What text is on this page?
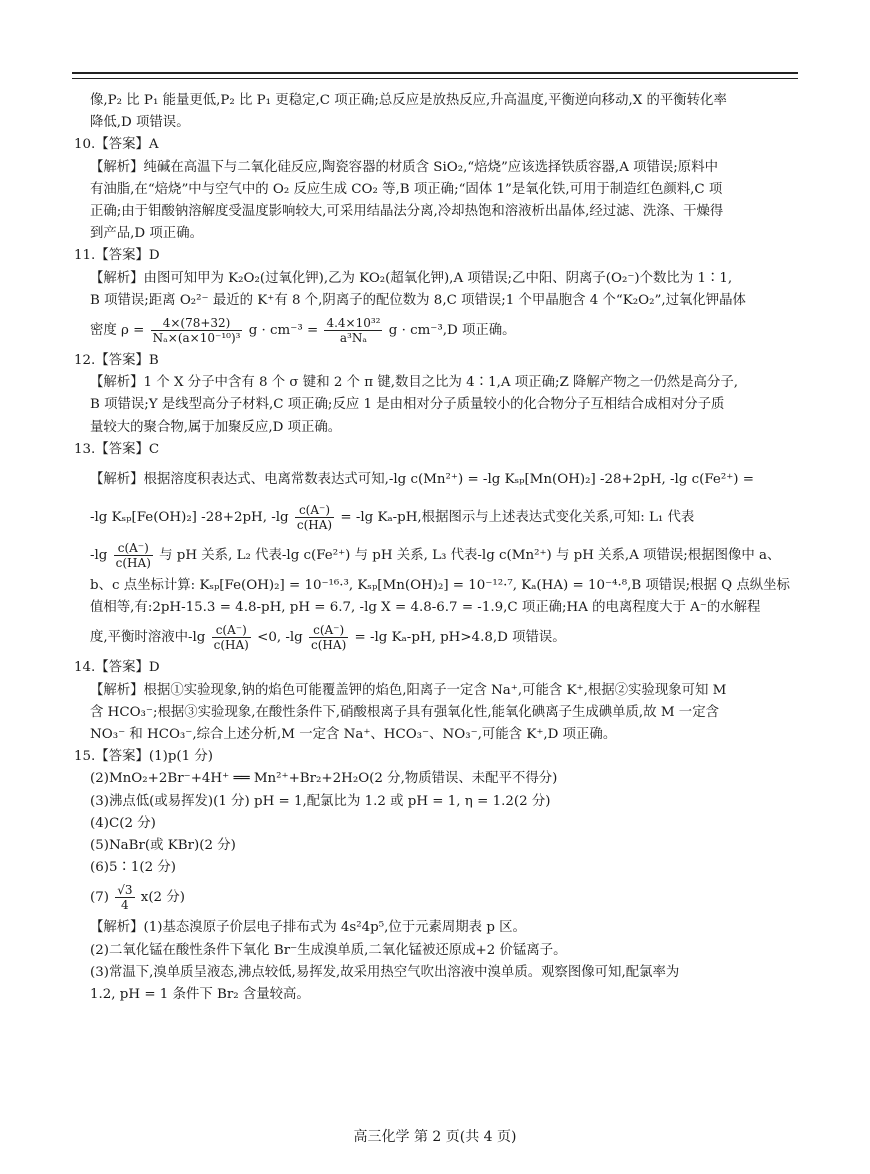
像,P₂ 比 P₁ 能量更低,P₂ 比 P₁ 更稳定,C 项正确;总反应是放热反应,升高温度,平衡逆向移动,X 的平衡转化率
降低,D 项错误。
10.【答案】A
【解析】纯碱在高温下与二氧化硅反应,陶瓷容器的材质含 SiO₂,“焙烧”应该选择铁质容器,A 项错误;原料中
有油脂,在“焙烧”中与空气中的 O₂ 反应生成 CO₂ 等,B 项正确;“固体 1”是氧化铁,可用于制造红色颜料,C 项
正确;由于钼酸钠溶解度受温度影响较大,可采用结晶法分离,冷却热饱和溶液析出晶体,经过滤、洗涤、干燥得
到产品,D 项正确。
11.【答案】D
【解析】由图可知甲为 K₂O₂(过氧化钾),乙为 KO₂(超氧化钾),A 项错误;乙中阳、阴离子(O₂⁻)个数比为 1∶1,
B 项错误;距离 O₂²⁻ 最近的 K⁺有 8 个,阴离子的配位数为 8,C 项错误;1 个甲晶胞含 4 个“K₂O₂”,过氧化钾晶体
密度 $\rho = \frac{4\times(78+32)}{\text{Nₐ×(a×10⁻¹⁰)³}}$ $g \cdot cm^{-3} = \frac{\text{4.4×10³²}}{\text{a³Nₐ}}$ g · cm⁻³,D 项正确。
12.【答案】B
【解析】1 个 X 分子中含有 8 个 σ 键和 2 个 π 键,数目之比为 4∶1,A 项正确;Z 降解产物之一仍然是高分子,
B 项错误;Y 是线型高分子材料,C 项正确;反应 1 是由相对分子质量较小的化合物分子互相结合成相对分子质
量较大的聚合物,属于加聚反应,D 项正确。
13.【答案】C
【解析】根据溶度积表达式、电离常数表达式可知,-lg c(Mn²⁺) = -lg Kₛₚ[Mn(OH)₂] -28+2pH, -lg c(Fe²⁺) =
-lg Kₛₚ[Fe(OH)₂] -28+2pH, $-\lg \frac{c(A^-)}{c(HA)} = -\lg$ Kₐ-pH,根据图示与上述表达式变化关系,可知: L₁ 代表
$-\lg \frac{c(A^-)}{c(HA)}$ 与 pH 关系, L₂ 代表-lg c(Fe²⁺) 与 pH 关系, L₃ 代表-lg c(Mn²⁺) 与 pH 关系,A 项错误;根据图像中 a、
b、c 点坐标计算: Kₛₚ[Fe(OH)₂] = 10⁻¹⁶·³, Kₛₚ[Mn(OH)₂] = 10⁻¹²·⁷, Kₐ(HA) = 10⁻⁴·⁸,B 项错误;根据 Q 点纵坐标
值相等,有:2pH-15.3 = 4.8-pH, pH = 6.7, -lg X = 4.8-6.7 = -1.9,C 项正确;HA 的电离程度大于 A⁻的水解程
度,平衡时溶液中$-\lg \frac{c(A^-)}{c(HA)} <0$, $-\lg \frac{c(A^-)}{c(HA)} = -\lg$ Kₐ-pH, pH>4.8,D 项错误。
14.【答案】D
【解析】根据①实验现象,钠的焰色可能覆盖钾的焰色,阳离子一定含 Na⁺,可能含 K⁺,根据②实验现象可知 M
含 HCO₃⁻;根据③实验现象,在酸性条件下,硝酸根离子具有强氧化性,能氧化碘离子生成碘单质,故 M 一定含
NO₃⁻ 和 HCO₃⁻,综合上述分析,M 一定含 Na⁺、HCO₃⁻、NO₃⁻,可能含 K⁺,D 项正确。
15.【答案】(1)p(1 分)
(2)MnO₂+2Br⁻+4H⁺ ══ Mn²⁺+Br₂+2H₂O(2 分,物质错误、未配平不得分)
(3)沸点低(或易挥发)(1 分) pH = 1,配氯比为 1.2 或 pH = 1, η = 1.2(2 分)
(4)C(2 分)
(5)NaBr(或 KBr)(2 分)
(6)5∶1(2 分)
$(7) \frac{√3}{4} x(2$ 分)
【解析】(1)基态溴原子价层电子排布式为 4s²4p⁵,位于元素周期表 p 区。
(2)二氧化锰在酸性条件下氧化 Br⁻生成溴单质,二氧化锰被还原成+2 价锰离子。
(3)常温下,溴单质呈液态,沸点较低,易挥发,故采用热空气吹出溶液中溴单质。观察图像可知,配氯率为
1.2, pH = 1 条件下 Br₂ 含量较高。
高三化学 第 2 页(共 4 页)
